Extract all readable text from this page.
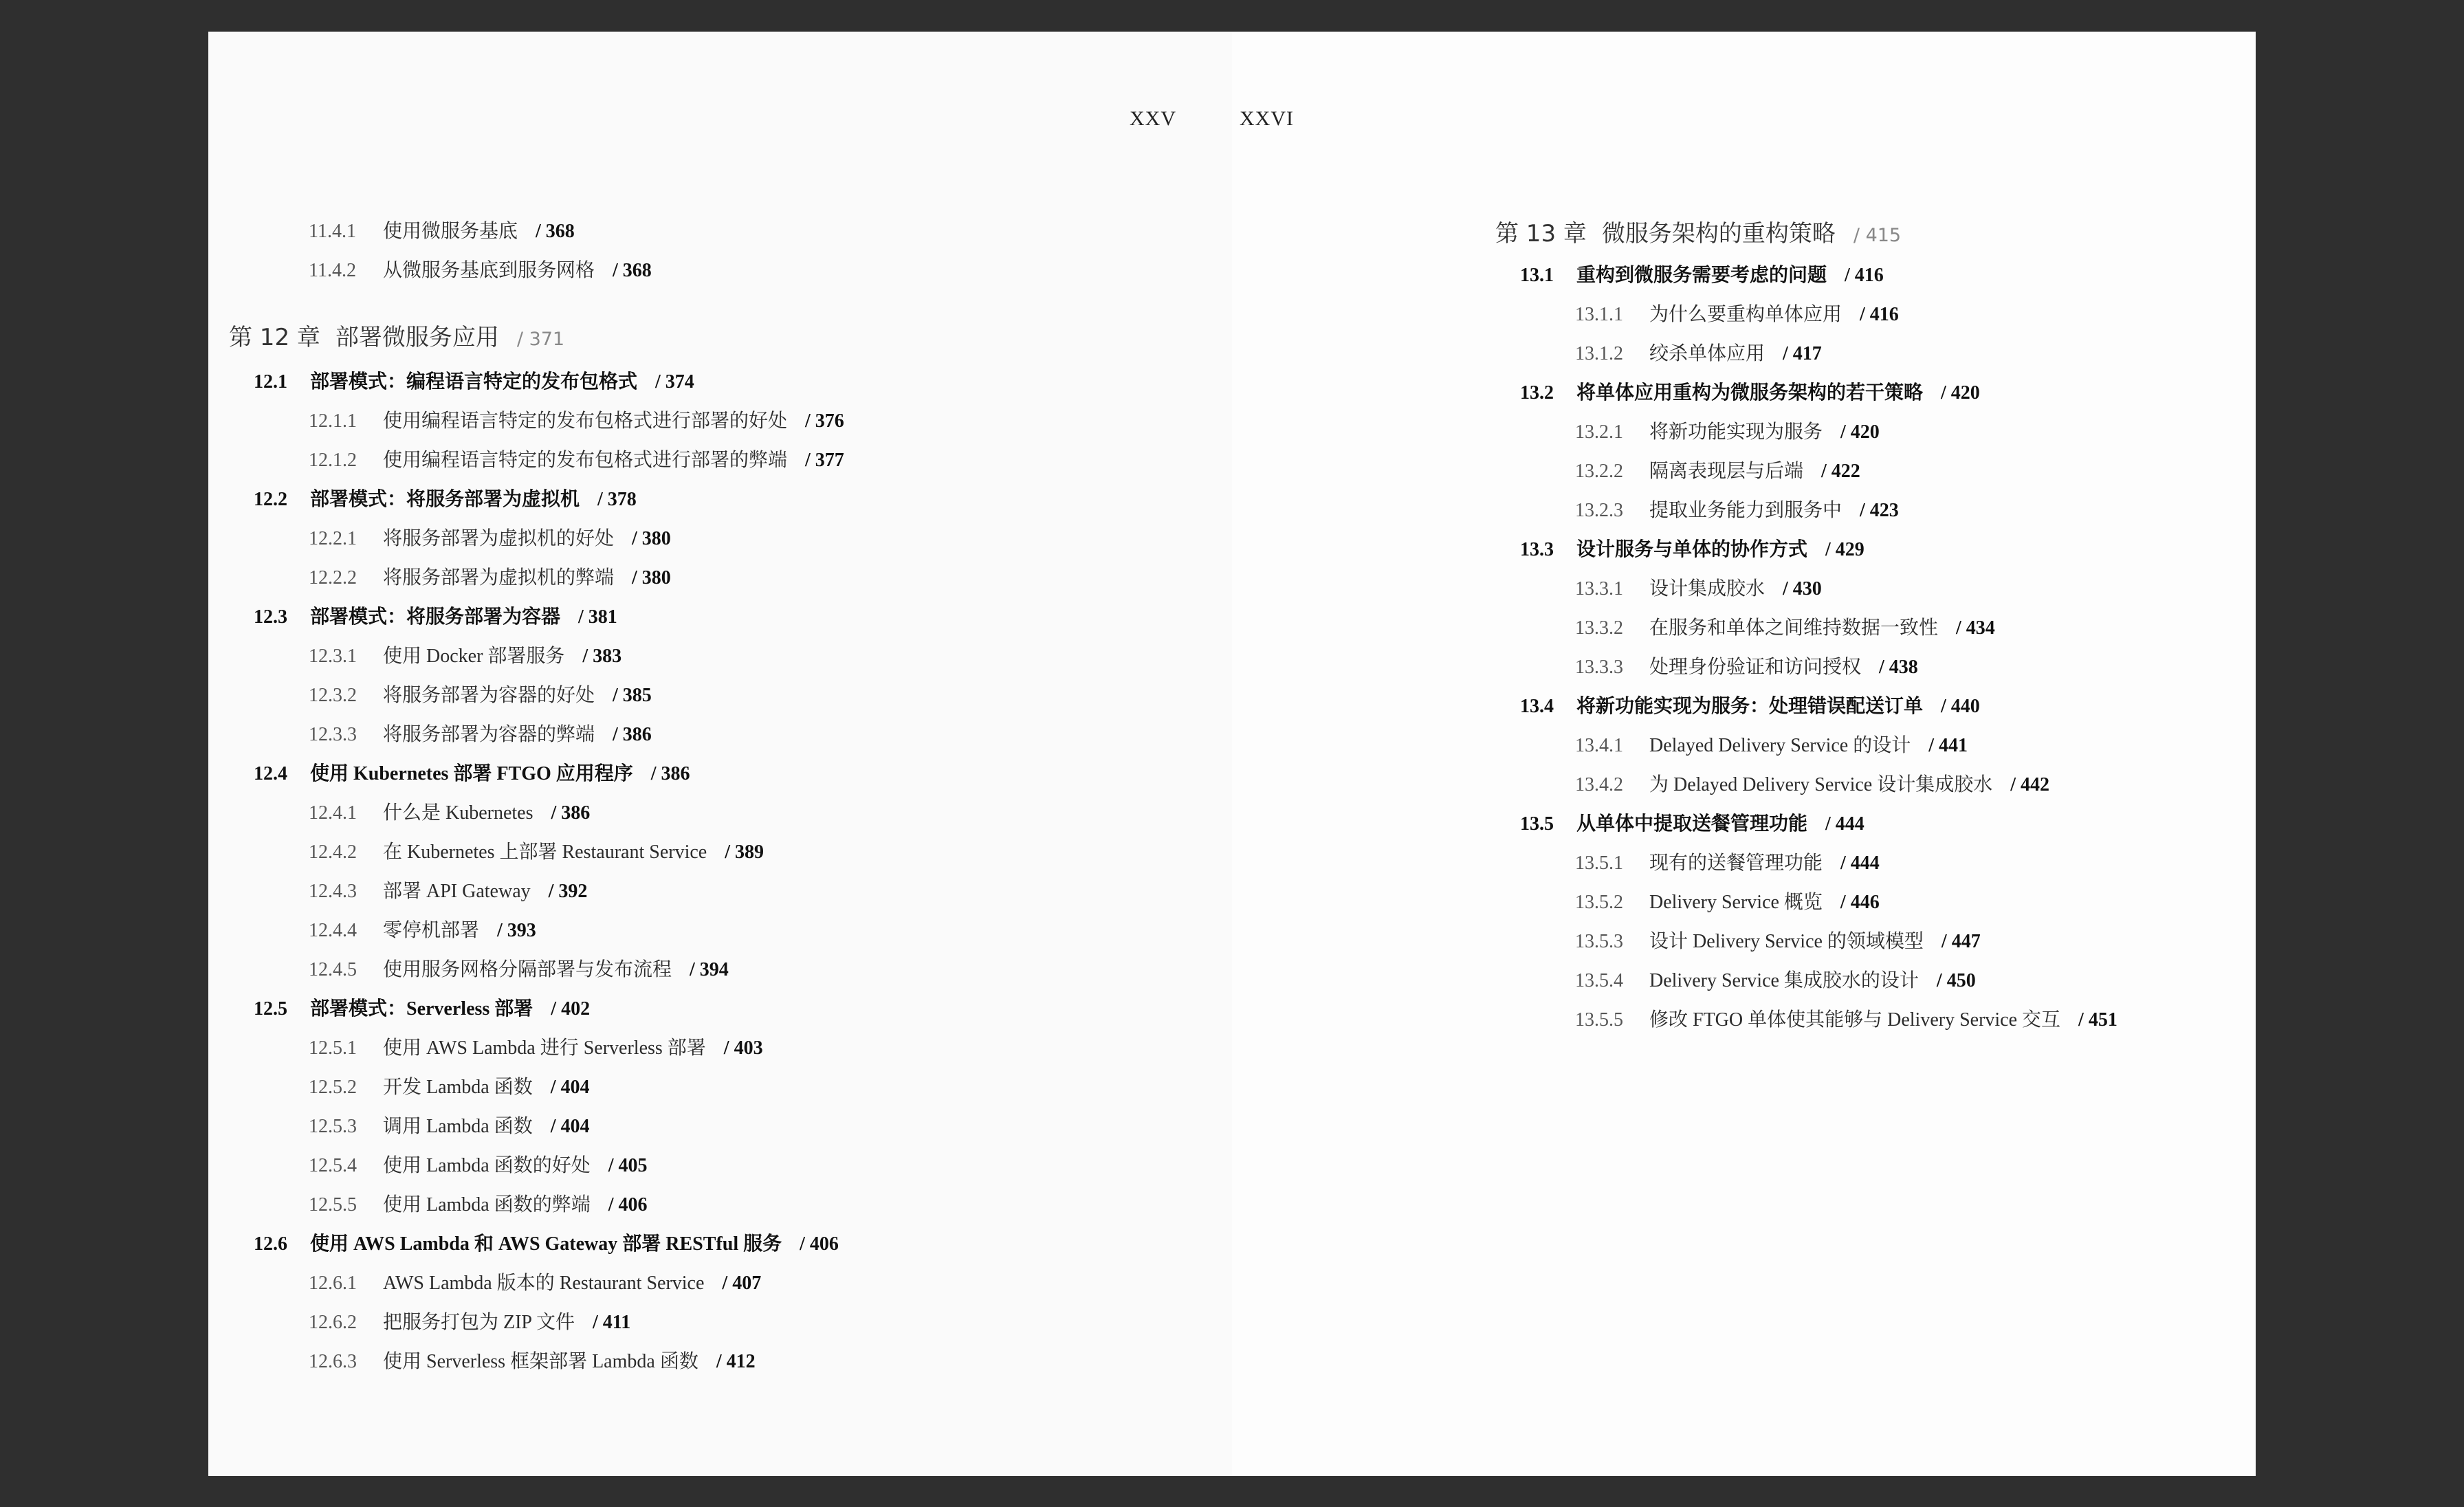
XXV	XXVI
11.4.1 使用微服务基底 / 368
11.4.2 从微服务基底到服务网格 / 368
第 12 章 部署微服务应用 / 371
12.1 部署模式：编程语言特定的发布包格式 / 374
12.1.1 使用编程语言特定的发布包格式进行部署的好处 / 376
12.1.2 使用编程语言特定的发布包格式进行部署的弊端 / 377
12.2 部署模式：将服务部署为虚拟机 / 378
12.2.1 将服务部署为虚拟机的好处 / 380
12.2.2 将服务部署为虚拟机的弊端 / 380
12.3 部署模式：将服务部署为容器 / 381
12.3.1 使用 Docker 部署服务 / 383
12.3.2 将服务部署为容器的好处 / 385
12.3.3 将服务部署为容器的弊端 / 386
12.4 使用 Kubernetes 部署 FTGO 应用程序 / 386
12.4.1 什么是 Kubernetes / 386
12.4.2 在 Kubernetes 上部署 Restaurant Service / 389
12.4.3 部署 API Gateway / 392
12.4.4 零停机部署 / 393
12.4.5 使用服务网格分隔部署与发布流程 / 394
12.5 部署模式：Serverless 部署 / 402
12.5.1 使用 AWS Lambda 进行 Serverless 部署 / 403
12.5.2 开发 Lambda 函数 / 404
12.5.3 调用 Lambda 函数 / 404
12.5.4 使用 Lambda 函数的好处 / 405
12.5.5 使用 Lambda 函数的弊端 / 406
12.6 使用 AWS Lambda 和 AWS Gateway 部署 RESTful 服务 / 406
12.6.1 AWS Lambda 版本的 Restaurant Service / 407
12.6.2 把服务打包为 ZIP 文件 / 411
12.6.3 使用 Serverless 框架部署 Lambda 函数 / 412
第 13 章 微服务架构的重构策略 / 415
13.1 重构到微服务需要考虑的问题 / 416
13.1.1 为什么要重构单体应用 / 416
13.1.2 绞杀单体应用 / 417
13.2 将单体应用重构为微服务架构的若干策略 / 420
13.2.1 将新功能实现为服务 / 420
13.2.2 隔离表现层与后端 / 422
13.2.3 提取业务能力到服务中 / 423
13.3 设计服务与单体的协作方式 / 429
13.3.1 设计集成胶水 / 430
13.3.2 在服务和单体之间维持数据一致性 / 434
13.3.3 处理身份验证和访问授权 / 438
13.4 将新功能实现为服务：处理错误配送订单 / 440
13.4.1 Delayed Delivery Service 的设计 / 441
13.4.2 为 Delayed Delivery Service 设计集成胶水 / 442
13.5 从单体中提取送餐管理功能 / 444
13.5.1 现有的送餐管理功能 / 444
13.5.2 Delivery Service 概览 / 446
13.5.3 设计 Delivery Service 的领域模型 / 447
13.5.4 Delivery Service 集成胶水的设计 / 450
13.5.5 修改 FTGO 单体使其能够与 Delivery Service 交互 / 451
